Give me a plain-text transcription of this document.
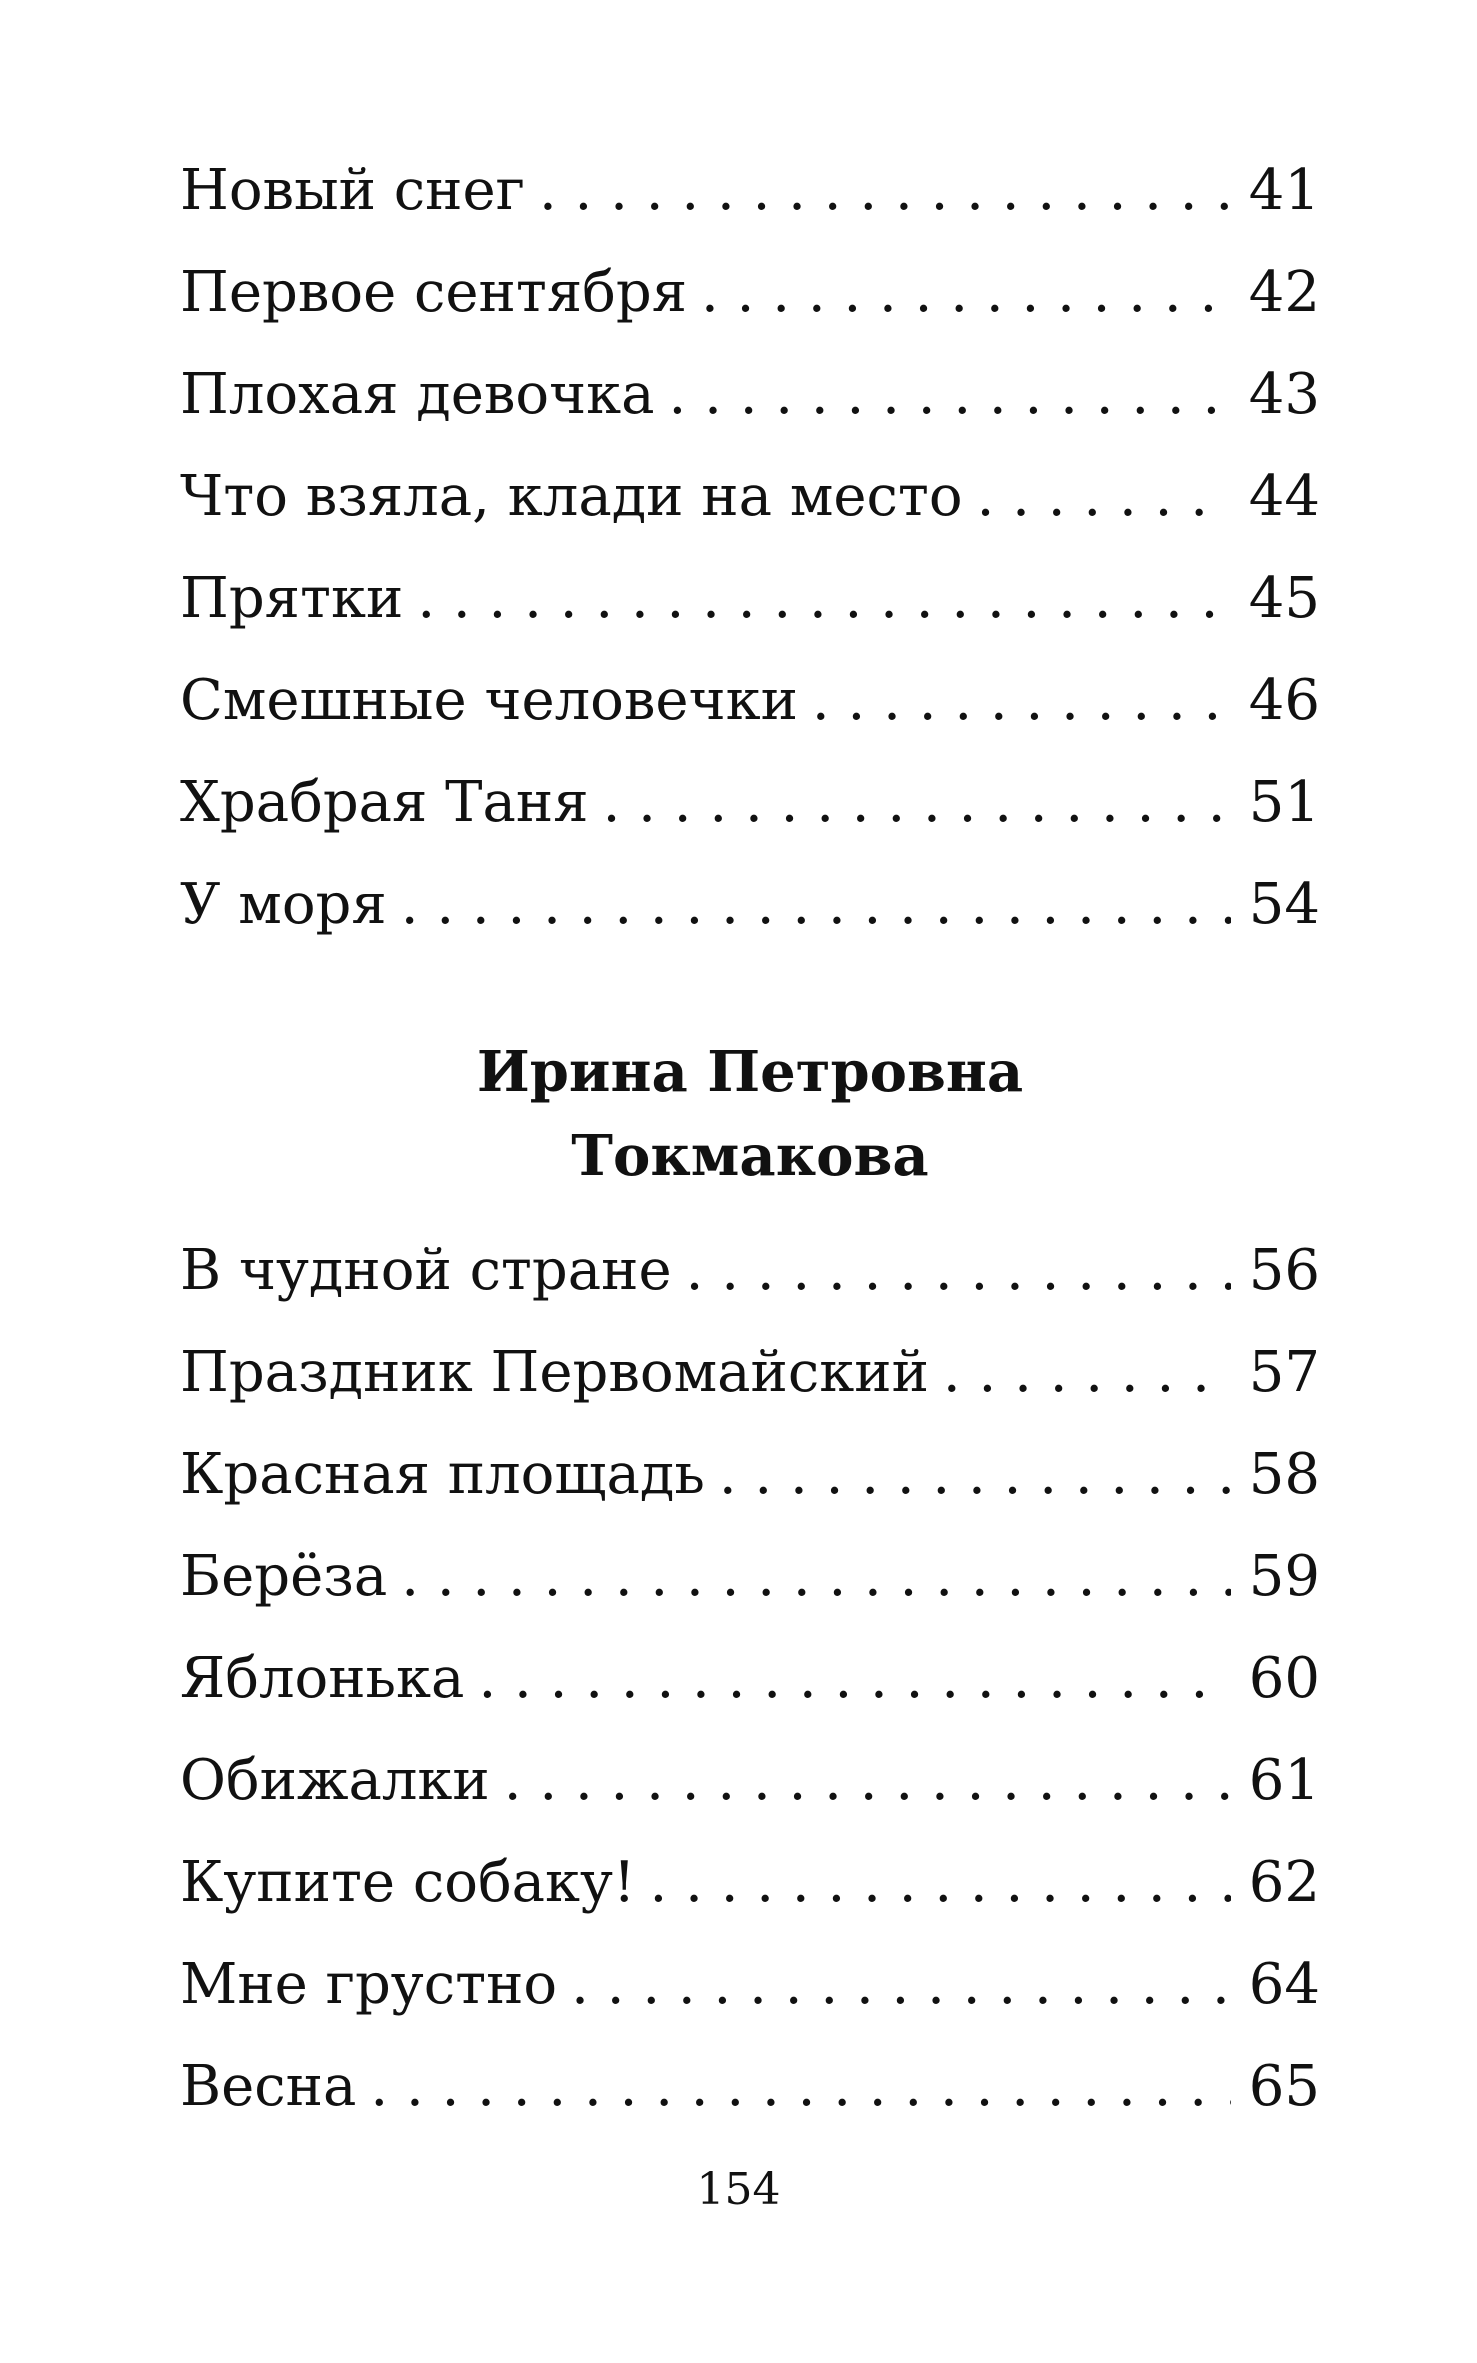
Новый снег . . .	41
Первое сентября . . .	42
Плохая девочка . . .	43
Что взяла, клади на место . . .	44
Прятки . . .	45
Смешные человечки . . .	46
Храбрая Таня . . .	51
У моря . . .	54
Ирина Петровна
Токмакова
В чудной стране . . .	56
Праздник Первомайский . . .	57
Красная площадь . . .	58
Берёза . . .	59
Яблонька . . .	60
Обижалки . . .	61
Купите собаку! . . .	62
Мне грустно . . .	64
Весна . . .	65
154
